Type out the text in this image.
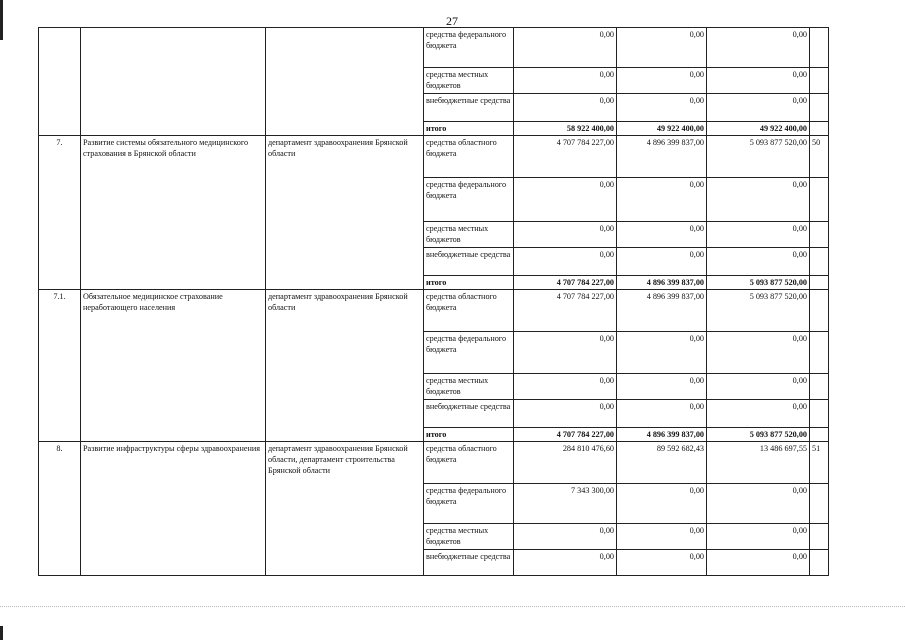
27
			средства федерального бюджета	0,00	0,00	0,00	
			средства местных бюджетов	0,00	0,00	0,00	
			внебюджетные средства	0,00	0,00	0,00	
			итого	58 922 400,00	49 922 400,00	49 922 400,00	
7.	Развитие системы обязательного медицинского страхования в Брянской области	департамент здравоохранения Брянской области	средства областного бюджета	4 707 784 227,00	4 896 399 837,00	5 093 877 520,00	50
			средства федерального бюджета	0,00	0,00	0,00	
			средства местных бюджетов	0,00	0,00	0,00	
			внебюджетные средства	0,00	0,00	0,00	
			итого	4 707 784 227,00	4 896 399 837,00	5 093 877 520,00	
7.1.	Обязательное медицинское страхование неработающего населения	департамент здравоохранения Брянской области	средства областного бюджета	4 707 784 227,00	4 896 399 837,00	5 093 877 520,00	
			средства федерального бюджета	0,00	0,00	0,00	
			средства местных бюджетов	0,00	0,00	0,00	
			внебюджетные средства	0,00	0,00	0,00	
			итого	4 707 784 227,00	4 896 399 837,00	5 093 877 520,00	
8.	Развитие инфраструктуры сферы здравоохранения	департамент здравоохранения Брянской области, департамент строительства Брянской области	средства областного бюджета	284 810 476,60	89 592 682,43	13 486 697,55	51
			средства федерального бюджета	7 343 300,00	0,00	0,00	
			средства местных бюджетов	0,00	0,00	0,00	
			внебюджетные средства	0,00	0,00	0,00	
